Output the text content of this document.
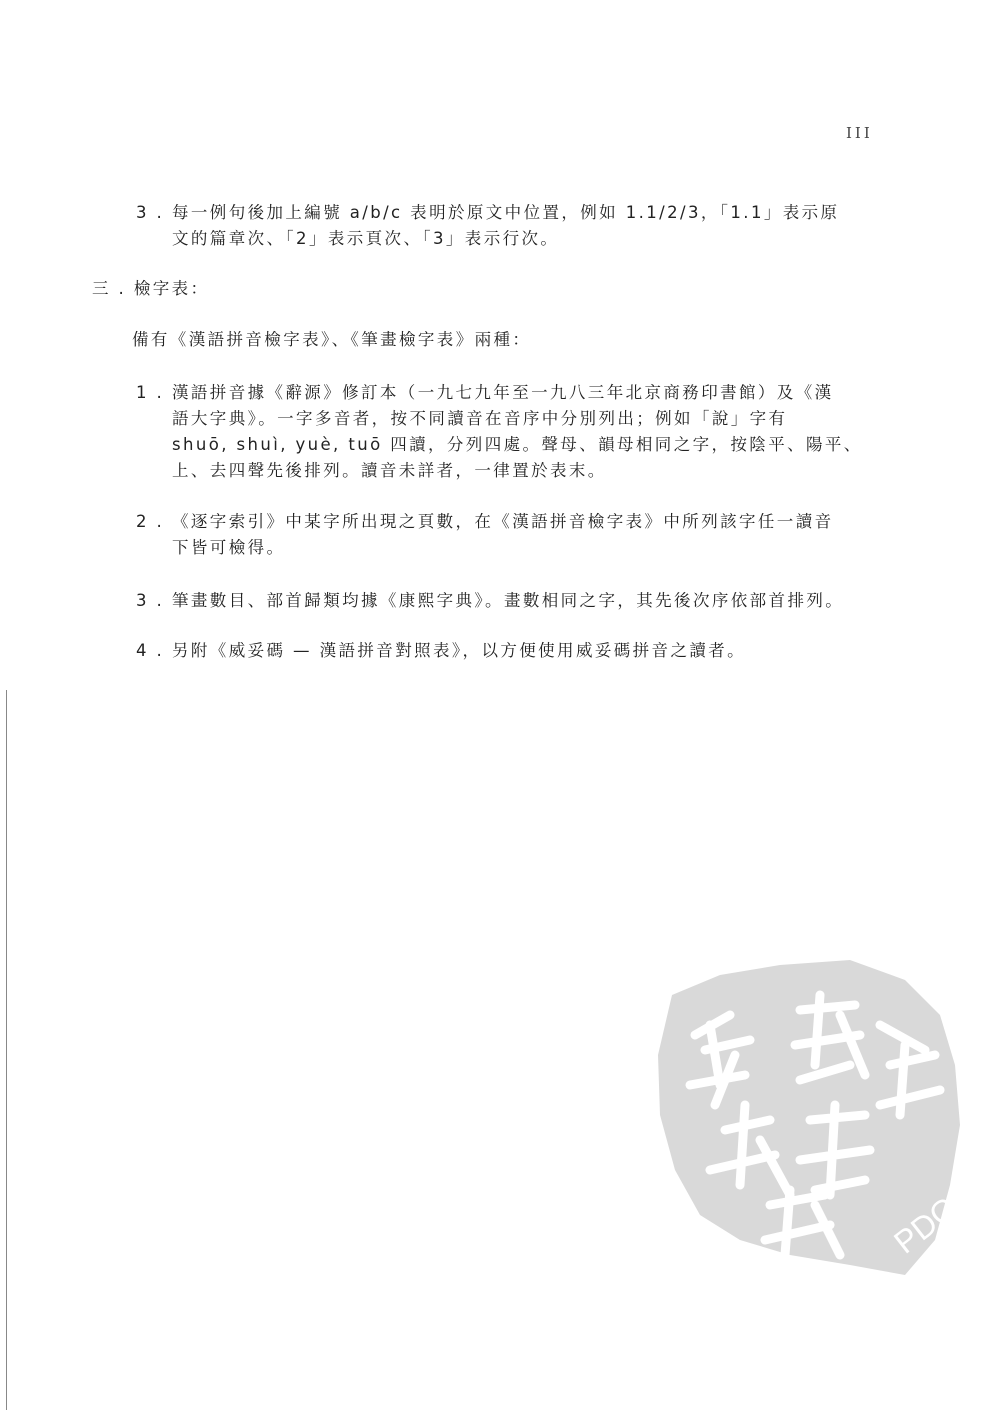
III
3 . 每一例句後加上編號 a/b/c 表明於原文中位置，例如 1.1/2/3，「1.1」表示原
文的篇章次、「2」表示頁次、「3」表示行次。
三 . 檢字表：
備有《漢語拼音檢字表》、《筆畫檢字表》兩種：
1 . 漢語拼音據《辭源》修訂本（一九七九年至一九八三年北京商務印書館）及《漢
語大字典》。一字多音者，按不同讀音在音序中分別列出；例如「說」字有
shuō, shuì, yuè, tuō 四讀，分列四處。聲母、韻母相同之字，按陰平、陽平、
上、去四聲先後排列。讀音未詳者，一律置於表末。
2 . 《逐字索引》中某字所出現之頁數，在《漢語拼音檢字表》中所列該字任一讀音
下皆可檢得。
3 . 筆畫數目、部首歸類均據《康熙字典》。畫數相同之字，其先後次序依部首排列。
4 . 另附《威妥碼 — 漢語拼音對照表》，以方便使用威妥碼拼音之讀者。
PDG
